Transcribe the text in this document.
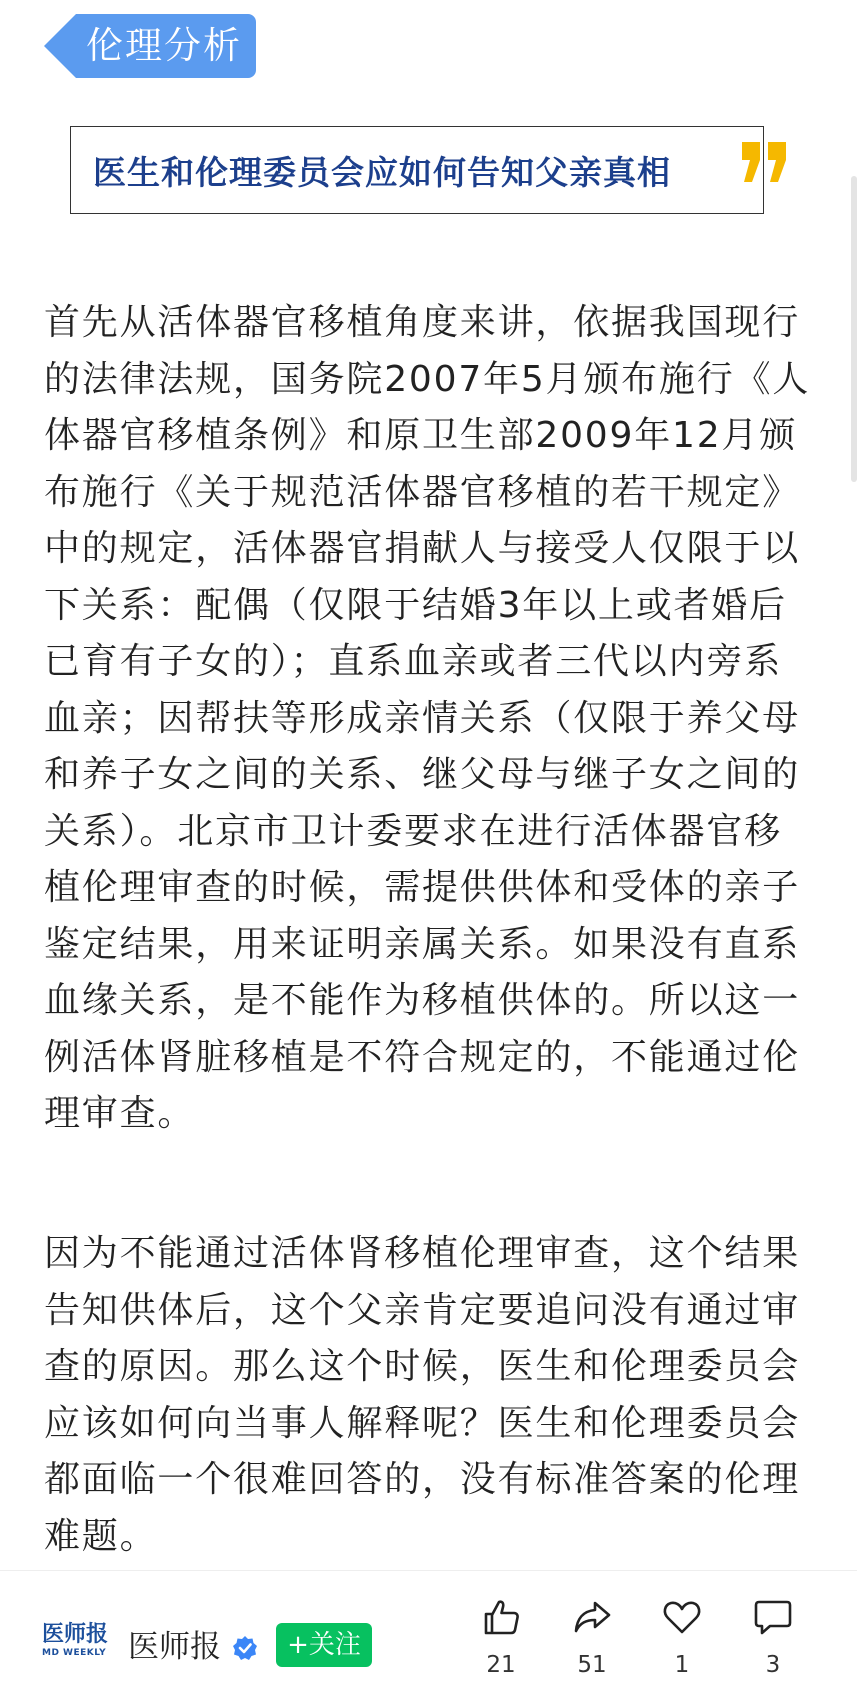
伦理分析
医生和伦理委员会应如何告知父亲真相

首先从活体器官移植角度来讲，依据我国现行的法律法规，国务院2007年5月颁布施行《人体器官移植条例》和原卫生部2009年12月颁布施行《关于规范活体器官移植的若干规定》中的规定，活体器官捐献人与接受人仅限于以下关系：配偶（仅限于结婚3年以上或者婚后已育有子女的）；直系血亲或者三代以内旁系血亲；因帮扶等形成亲情关系（仅限于养父母和养子女之间的关系、继父母与继子女之间的关系）。北京市卫计委要求在进行活体器官移植伦理审查的时候，需提供供体和受体的亲子鉴定结果，用来证明亲属关系。如果没有直系血缘关系，是不能作为移植供体的。所以这一例活体肾脏移植是不符合规定的，不能通过伦理审查。

因为不能通过活体肾移植伦理审查，这个结果告知供体后，这个父亲肯定要追问没有通过审查的原因。那么这个时候，医生和伦理委员会应该如何向当事人解释呢？医生和伦理委员会都面临一个很难回答的，没有标准答案的伦理难题。

医师报
MD WEEKLY 医师报	+关注
21	51	1	3
